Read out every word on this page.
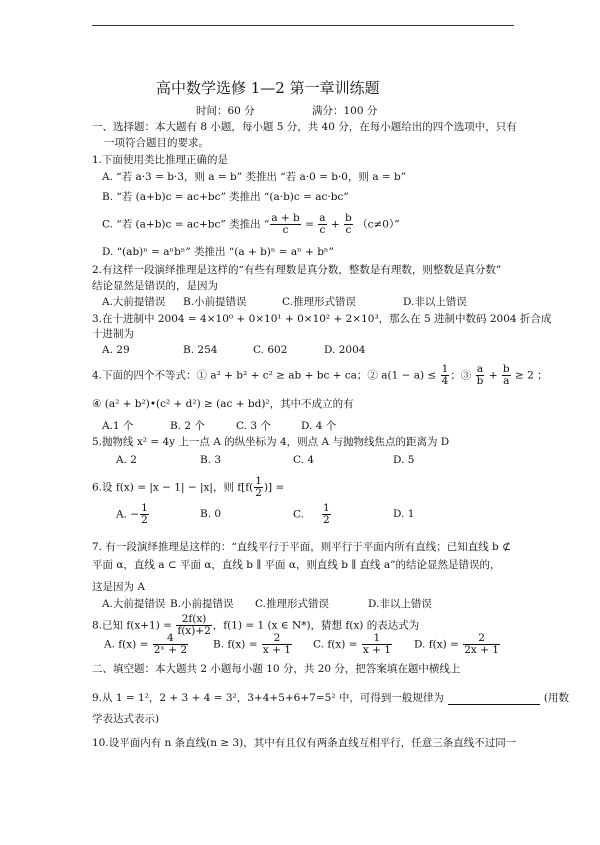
高中数学选修 1—2 第一章训练题
时间：60 分	满分：100 分
一、选择题：本大题有 8 小题，每小题 5 分，共 40 分，在每小题给出的四个选项中，只有
一项符合题目的要求。
1.下面使用类比推理正确的是
A. “若 a·3 = b·3，则 a = b” 类推出 “若 a·0 = b·0，则 a = b”
B. “若 (a+b)c = ac+bc” 类推出 “(a·b)c = ac·bc”
C. “若 (a+b)c = ac+bc” 类推出 “ $\frac{a + b}{c} = \frac{a}{c} + \frac{b}{c} (c\ne 0)$”
D. “(ab)ⁿ = aⁿbⁿ” 类推出 “(a + b)ⁿ = aⁿ + bⁿ”
2.有这样一段演绎推理是这样的“有些有理数是真分数，整数是有理数，则整数是真分数”
结论显然是错误的，是因为
A.大前提错误 B.小前提错误	C.推理形式错误	D.非以上错误
3.在十进制中 2004 = 4×10⁰ + 0×10¹ + 0×10² + 2×10³，那么在 5 进制中数码 2004 折合成
十进制为
A. 29	B. 254	C. 602	D. 2004
4.下面的四个不等式：① a² + b² + c² ≥ ab + bc + ca；② $a(1 - a) \le \frac{1}{4}$ ；③ $\frac{a}{b} + \frac{b}{a} \ge 2$ ；
④ (a² + b²)•(c² + d²) ≥ (ac + bd)²，其中不成立的有
A.1 个	B. 2 个	C. 3 个	D. 4 个
5.抛物线 x² = 4y 上一点 A 的纵坐标为 4，则点 A 与抛物线焦点的距离为 D
A. 2	B. 3	C. 4	D. 5
6.设 f(x) = |x − 1| − |x|，则 $f[f( \frac{1}{2}$ )] =
A. − $\frac{1}{2}$	B. 0	C. $\frac{1}{2}$	D. 1
7. 有一段演绎推理是这样的：“直线平行于平面，则平行于平面内所有直线；已知直线 b ⊄
平面 α，直线 a ⊂ 平面 α，直线 b ∥ 平面 α，则直线 b ∥ 直线 a”的结论显然是错误的，
这是因为 A
A.大前提错误 B.小前提错误 C.推理形式错误	D.非以上错误
8.已知 $f(x+1) = \frac{2f(x)}{f(x)+2}$ ，f(1) = 1 (x ∈ N*)，猜想 f(x) 的表达式为
A. $f(x) = \frac{4}{\text{2ˣ + 2}} B$. $f(x) = \frac{2}{x + 1} C$. $f(x) = \frac{1}{x + 1} D$. $f(x) = \frac{2}{2x + 1}$
二、填空题：本大题共 2 小题每小题 10 分，共 20 分，把答案填在题中横线上
9.从 1 = 1²，2 + 3 + 4 = 3²，3+4+5+6+7=5² 中，可得到一般规律为	(用数
学表达式表示)
10.设平面内有 n 条直线(n ≥ 3)，其中有且仅有两条直线互相平行，任意三条直线不过同一
